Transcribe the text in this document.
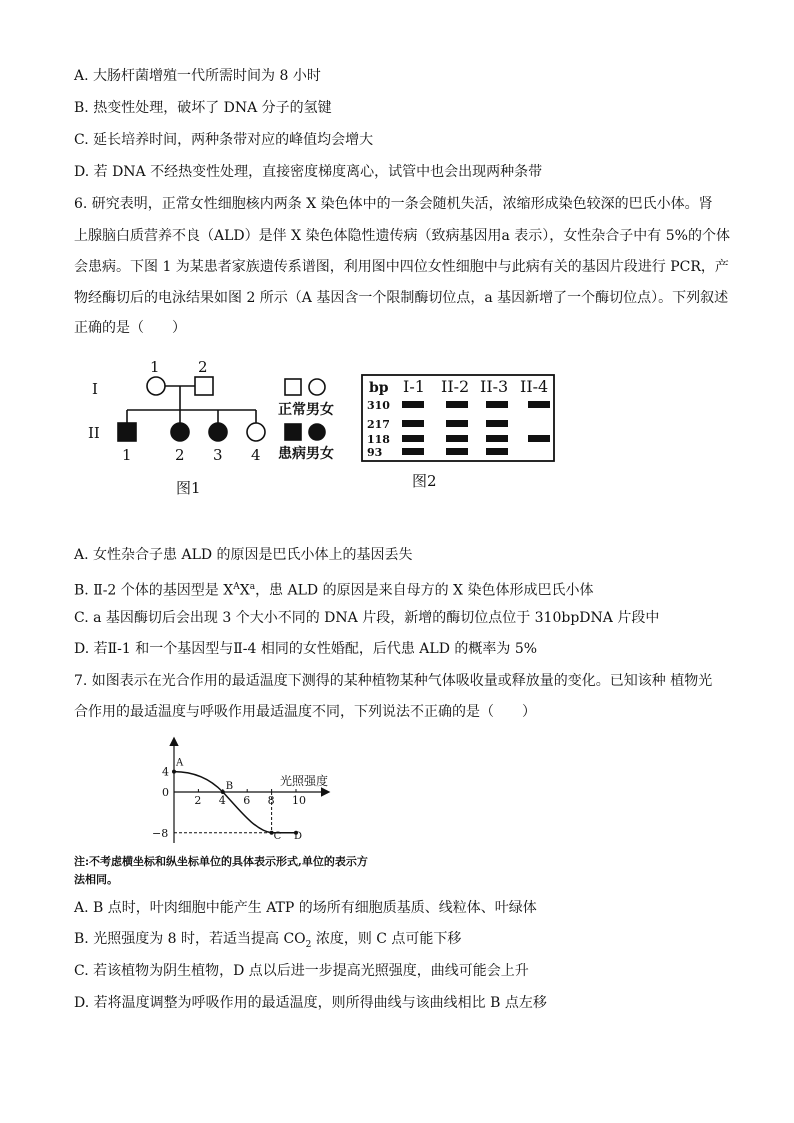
A. 大肠杆菌增殖一代所需时间为 8 小时
B. 热变性处理，破坏了 DNA 分子的氢键
C. 延长培养时间，两种条带对应的峰值均会增大
D. 若 DNA 不经热变性处理，直接密度梯度离心，试管中也会出现两种条带
6. 研究表明，正常女性细胞核内两条 X 染色体中的一条会随机失活，浓缩形成染色较深的巴氏小体。肾
上腺脑白质营养不良（ALD）是伴 X 染色体隐性遗传病（致病基因用a 表示），女性杂合子中有 5%的个体
会患病。下图 1 为某患者家族遗传系谱图，利用图中四位女性细胞中与此病有关的基因片段进行 PCR，产
物经酶切后的电泳结果如图 2 所示（A 基因含一个限制酶切位点，a 基因新增了一个酶切位点）。下列叙述
正确的是（　　）
I
II
1	2
1	2 3 4
正常男女
患病男女
图1
bp I-1 II-2 II-3 II-4
310
217
118
93
图2
A. 女性杂合子患 ALD 的原因是巴氏小体上的基因丢失
B. Ⅱ-2 个体的基因型是 $X^AX^a$，患 ALD 的原因是来自母方的 X 染色体形成巴氏小体
C. a 基因酶切后会出现 3 个大小不同的 DNA 片段，新增的酶切位点位于 310bpDNA 片段中
D. 若Ⅱ-1 和一个基因型与Ⅱ-4 相同的女性婚配，后代患 ALD 的概率为 5%
7. 如图表示在光合作用的最适温度下测得的某种植物某种气体吸收量或释放量的变化。已知该种 植物光
合作用的最适温度与呼吸作用最适温度不同，下列说法不正确的是（　　）
A
B
C D
2 4 6 8 10
4
0
−8
光照强度
注:不考虑横坐标和纵坐标单位的具体表示形式,单位的表示方
法相同。
A. B 点时，叶肉细胞中能产生 ATP 的场所有细胞质基质、线粒体、叶绿体
B. 光照强度为 8 时，若适当提高 $CO_2$ 浓度，则 C 点可能下移
C. 若该植物为阴生植物，D 点以后进一步提高光照强度，曲线可能会上升
D. 若将温度调整为呼吸作用的最适温度，则所得曲线与该曲线相比 B 点左移
